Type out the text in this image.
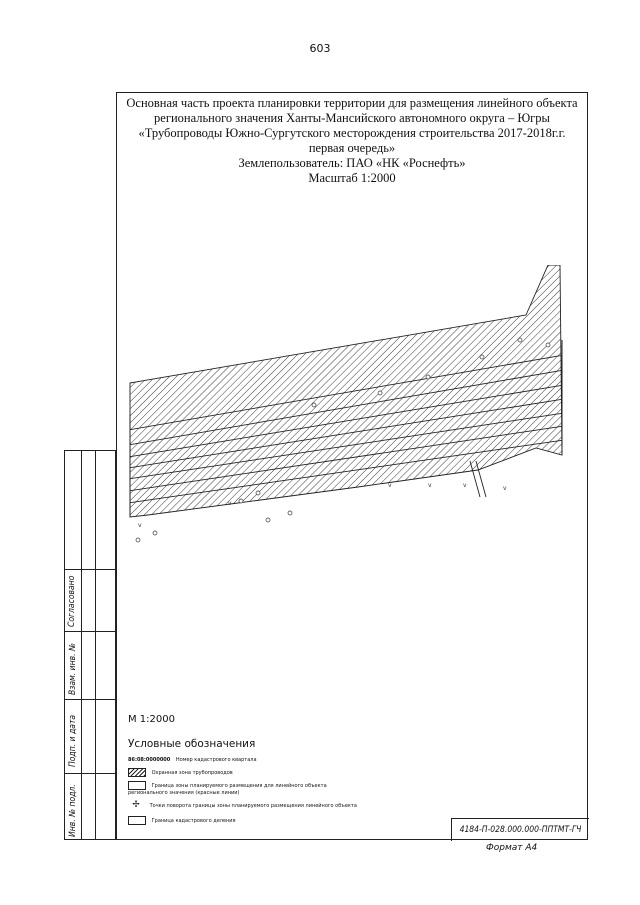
603
Основная часть проекта планировки территории для размещения линейного объекта
регионального значения Ханты-Мансийского автономного округа – Югры
«Трубопроводы Южно-Сургутского месторождения строительства 2017-2018г.г.
первая очередь»
Землепользователь: ПАО «НК «Роснефть»
Масштаб 1:2000
Согласовано
Взам. инв. №
Подп. и дата
Инв. № подл.
v
v
v	v	v	v
М 1:2000
Условные обозначения
86:08:0000000 Номер кадастрового квартала
Охранная зона трубопроводов
Граница зоны планируемого размещения для линейного объекта регионального значения (красные линии)
✢ Точки поворота границы зоны планируемого размещения линейного объекта
Граница кадастрового деления
4184-П-028.000.000-ППТМТ-ГЧ
Формат А4
